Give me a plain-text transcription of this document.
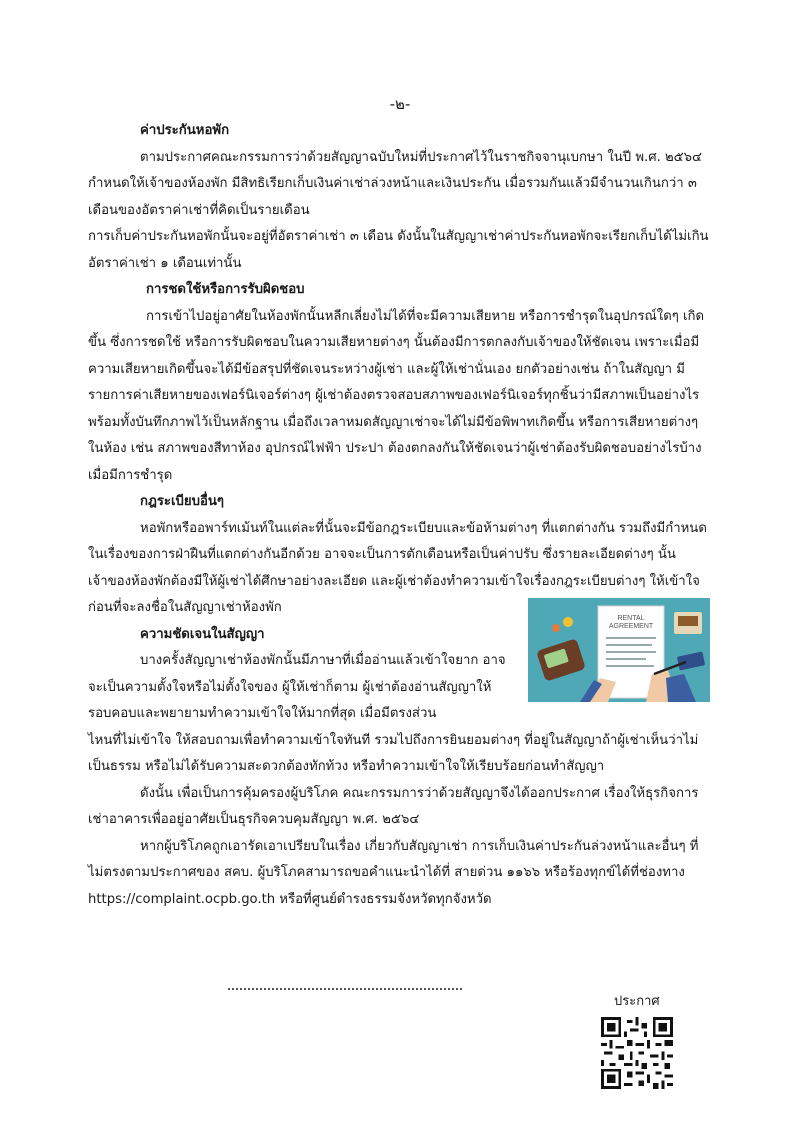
-๒-

ค่าประกันหอพัก

ตามประกาศคณะกรรมการว่าด้วยสัญญาฉบับใหม่ที่ประกาศไว้ในราชกิจจานุเบกษา ในปี พ.ศ. ๒๕๖๔ กำหนดให้เจ้าของห้องพัก มีสิทธิเรียกเก็บเงินค่าเช่าล่วงหน้าและเงินประกัน เมื่อรวมกันแล้วมีจำนวนเกินกว่า ๓ เดือนของอัตราค่าเช่าที่คิดเป็นรายเดือน

การเก็บค่าประกันหอพักนั้นจะอยู่ที่อัตราค่าเช่า ๓ เดือน ดังนั้นในสัญญาเช่าค่าประกันหอพักจะเรียกเก็บได้ไม่เกินอัตราค่าเช่า ๑ เดือนเท่านั้น

การชดใช้หรือการรับผิดชอบ

การเข้าไปอยู่อาศัยในห้องพักนั้นหลีกเลี่ยงไม่ได้ที่จะมีความเสียหาย หรือการชำรุดในอุปกรณ์ใดๆ เกิดขึ้น ซึ่งการชดใช้ หรือการรับผิดชอบในความเสียหายต่างๆ นั้นต้องมีการตกลงกับเจ้าของให้ชัดเจน เพราะเมื่อมีความเสียหายเกิดขึ้นจะได้มีข้อสรุปที่ชัดเจนระหว่างผู้เช่า และผู้ให้เช่านั่นเอง ยกตัวอย่างเช่น ถ้าในสัญญา มีรายการค่าเสียหายของเฟอร์นิเจอร์ต่างๆ ผู้เช่าต้องตรวจสอบสภาพของเฟอร์นิเจอร์ทุกชิ้นว่ามีสภาพเป็นอย่างไร พร้อมทั้งบันทึกภาพไว้เป็นหลักฐาน เมื่อถึงเวลาหมดสัญญาเช่าจะได้ไม่มีข้อพิพาทเกิดขึ้น หรือการเสียหายต่างๆ ในห้อง เช่น สภาพของสีทาห้อง อุปกรณ์ไฟฟ้า ประปา ต้องตกลงกันให้ชัดเจนว่าผู้เช่าต้องรับผิดชอบอย่างไรบ้างเมื่อมีการชำรุด

กฎระเบียบอื่นๆ

หอพักหรืออพาร์ทเม้นท์ในแต่ละที่นั้นจะมีข้อกฎระเบียบและข้อห้ามต่างๆ ที่แตกต่างกัน รวมถึงมีกำหนด ในเรื่องของการฝ่าฝืนที่แตกต่างกันอีกด้วย อาจจะเป็นการตักเตือนหรือเป็นค่าปรับ ซึ่งรายละเอียดต่างๆ นั้นเจ้าของห้องพักต้องมีให้ผู้เช่าได้ศึกษาอย่างละเอียด และผู้เช่าต้องทำความเข้าใจเรื่องกฎระเบียบต่างๆ ให้เข้าใจก่อนที่จะลงชื่อในสัญญาเช่าห้องพัก

ความชัดเจนในสัญญา

บางครั้งสัญญาเช่าห้องพักนั้นมีภาษาที่เมื่ออ่านแล้วเข้าใจยาก อาจจะเป็นความตั้งใจหรือไม่ตั้งใจของ ผู้ให้เช่าก็ตาม ผู้เช่าต้องอ่านสัญญาให้รอบคอบและพยายามทำความเข้าใจให้มากที่สุด เมื่อมีตรงส่วน

RENTAL
AGREEMENT

ไหนที่ไม่เข้าใจ ให้สอบถามเพื่อทำความเข้าใจทันที รวมไปถึงการยินยอมต่างๆ ที่อยู่ในสัญญาถ้าผู้เช่าเห็นว่าไม่เป็นธรรม หรือไม่ได้รับความสะดวกต้องทักท้วง หรือทำความเข้าใจให้เรียบร้อยก่อนทำสัญญา

ดังนั้น เพื่อเป็นการคุ้มครองผู้บริโภค คณะกรรมการว่าด้วยสัญญาจึงได้ออกประกาศ เรื่องให้ธุรกิจการเช่าอาคารเพื่ออยู่อาศัยเป็นธุรกิจควบคุมสัญญา พ.ศ. ๒๕๖๔

หากผู้บริโภคถูกเอารัดเอาเปรียบในเรื่อง เกี่ยวกับสัญญาเช่า การเก็บเงินค่าประกันล่วงหน้าและอื่นๆ ที่ไม่ตรงตามประกาศของ สคบ. ผู้บริโภคสามารถขอคำแนะนำได้ที่ สายด่วน ๑๑๖๖ หรือร้องทุกข์ได้ที่ช่องทาง https://complaint.ocpb.go.th หรือที่ศูนย์ดำรงธรรมจังหวัดทุกจังหวัด

ประกาศ
